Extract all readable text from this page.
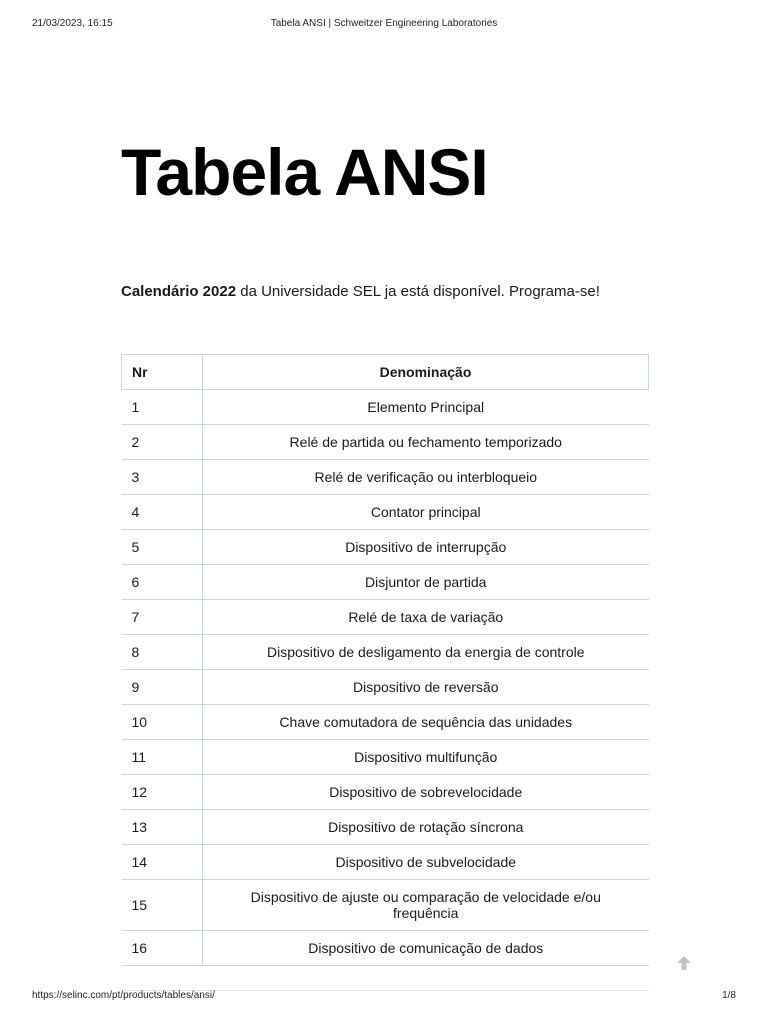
21/03/2023, 16:15	Tabela ANSI | Schweitzer Engineering Laboratories
Tabela ANSI
Calendário 2022 da Universidade SEL ja está disponível. Programa-se!
Nr	Denominação
1	Elemento Principal
2	Relé de partida ou fechamento temporizado
3	Relé de verificação ou interbloqueio
4	Contator principal
5	Dispositivo de interrupção
6	Disjuntor de partida
7	Relé de taxa de variação
8	Dispositivo de desligamento da energia de controle
9	Dispositivo de reversão
10	Chave comutadora de sequência das unidades
11	Dispositivo multifunção
12	Dispositivo de sobrevelocidade
13	Dispositivo de rotação síncrona
14	Dispositivo de subvelocidade
15	Dispositivo de ajuste ou comparação de velocidade e/ou frequência
16	Dispositivo de comunicação de dados
https://selinc.com/pt/products/tables/ansi/	1/8
